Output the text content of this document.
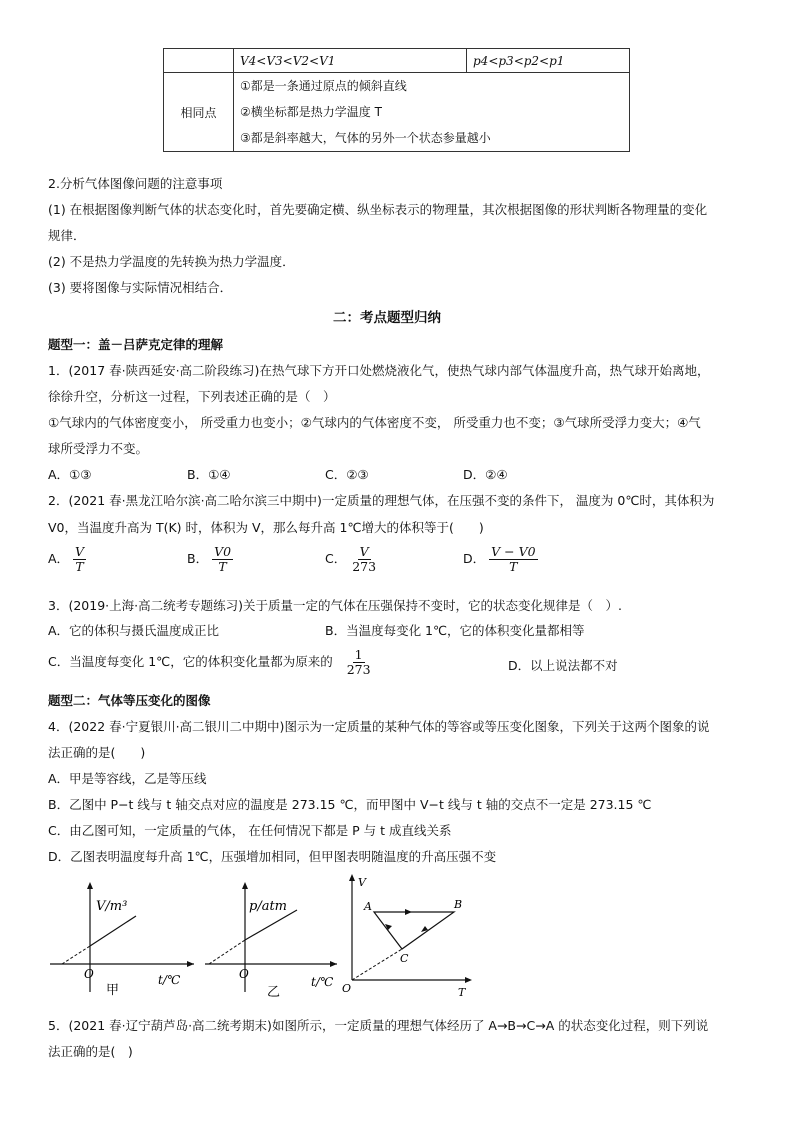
	V4<V3<V2<V1	p4<p3<p2<p1
相同点	①都是一条通过原点的倾斜直线
②横坐标都是热力学温度 T
③都是斜率越大，气体的另外一个状态参量越小	
2.分析气体图像问题的注意事项
(1) 在根据图像判断气体的状态变化时，首先要确定横、纵坐标表示的物理量，其次根据图像的形状判断各物理量的变化
规律．
(2) 不是热力学温度的先转换为热力学温度．
(3) 要将图像与实际情况相结合．
二：考点题型归纳
题型一：盖－吕萨克定律的理解
1．(2017 春·陕西延安·高二阶段练习)在热气球下方开口处燃烧液化气，使热气球内部气体温度升高，热气球开始离地，
徐徐升空，分析这一过程，下列表述正确的是（　）
①气球内的气体密度变小， 所受重力也变小；②气球内的气体密度不变， 所受重力也不变；③气球所受浮力变大；④气
球所受浮力不变。
A．①③	B．①④	C．②③	D．②④
2．(2021 春·黑龙江哈尔滨·高二哈尔滨三中期中)一定质量的理想气体，在压强不变的条件下， 温度为 0℃时，其体积为
V0，当温度升高为 T(K) 时，体积为 V，那么每升高 1℃增大的体积等于(　　)
A． $\frac{V}{T}$	B． $\frac{V0}{T}$	C． $\frac{V}{273}$	D． $\frac{V - V0}{T}$
3．(2019·上海·高二统考专题练习)关于质量一定的气体在压强保持不变时，它的状态变化规律是（　）.
A．它的体积与摄氏温度成正比	B．当温度每变化 1℃，它的体积变化量都相等
C．当温度每变化 1℃，它的体积变化量都为原来的 $\frac{1}{273}$	D．以上说法都不对
题型二：气体等压变化的图像
4．(2022 春·宁夏银川·高二银川二中期中)图示为一定质量的某种气体的等容或等压变化图象，下列关于这两个图象的说
法正确的是(　　)
A．甲是等容线，乙是等压线
B．乙图中 P−t 线与 t 轴交点对应的温度是 273.15 ℃，而甲图中 V−t 线与 t 轴的交点不一定是 273.15 ℃
C．由乙图可知，一定质量的气体， 在任何情况下都是 P 与 t 成直线关系
D．乙图表明温度每升高 1℃，压强增加相同，但甲图表明随温度的升高压强不变
V/m³
O	t/℃
甲
p/atm
O
t/℃
乙
V
A	B
C
O	T
5．(2021 春·辽宁葫芦岛·高二统考期末)如图所示，一定质量的理想气体经历了 A→B→C→A 的状态变化过程，则下列说
法正确的是(　)
